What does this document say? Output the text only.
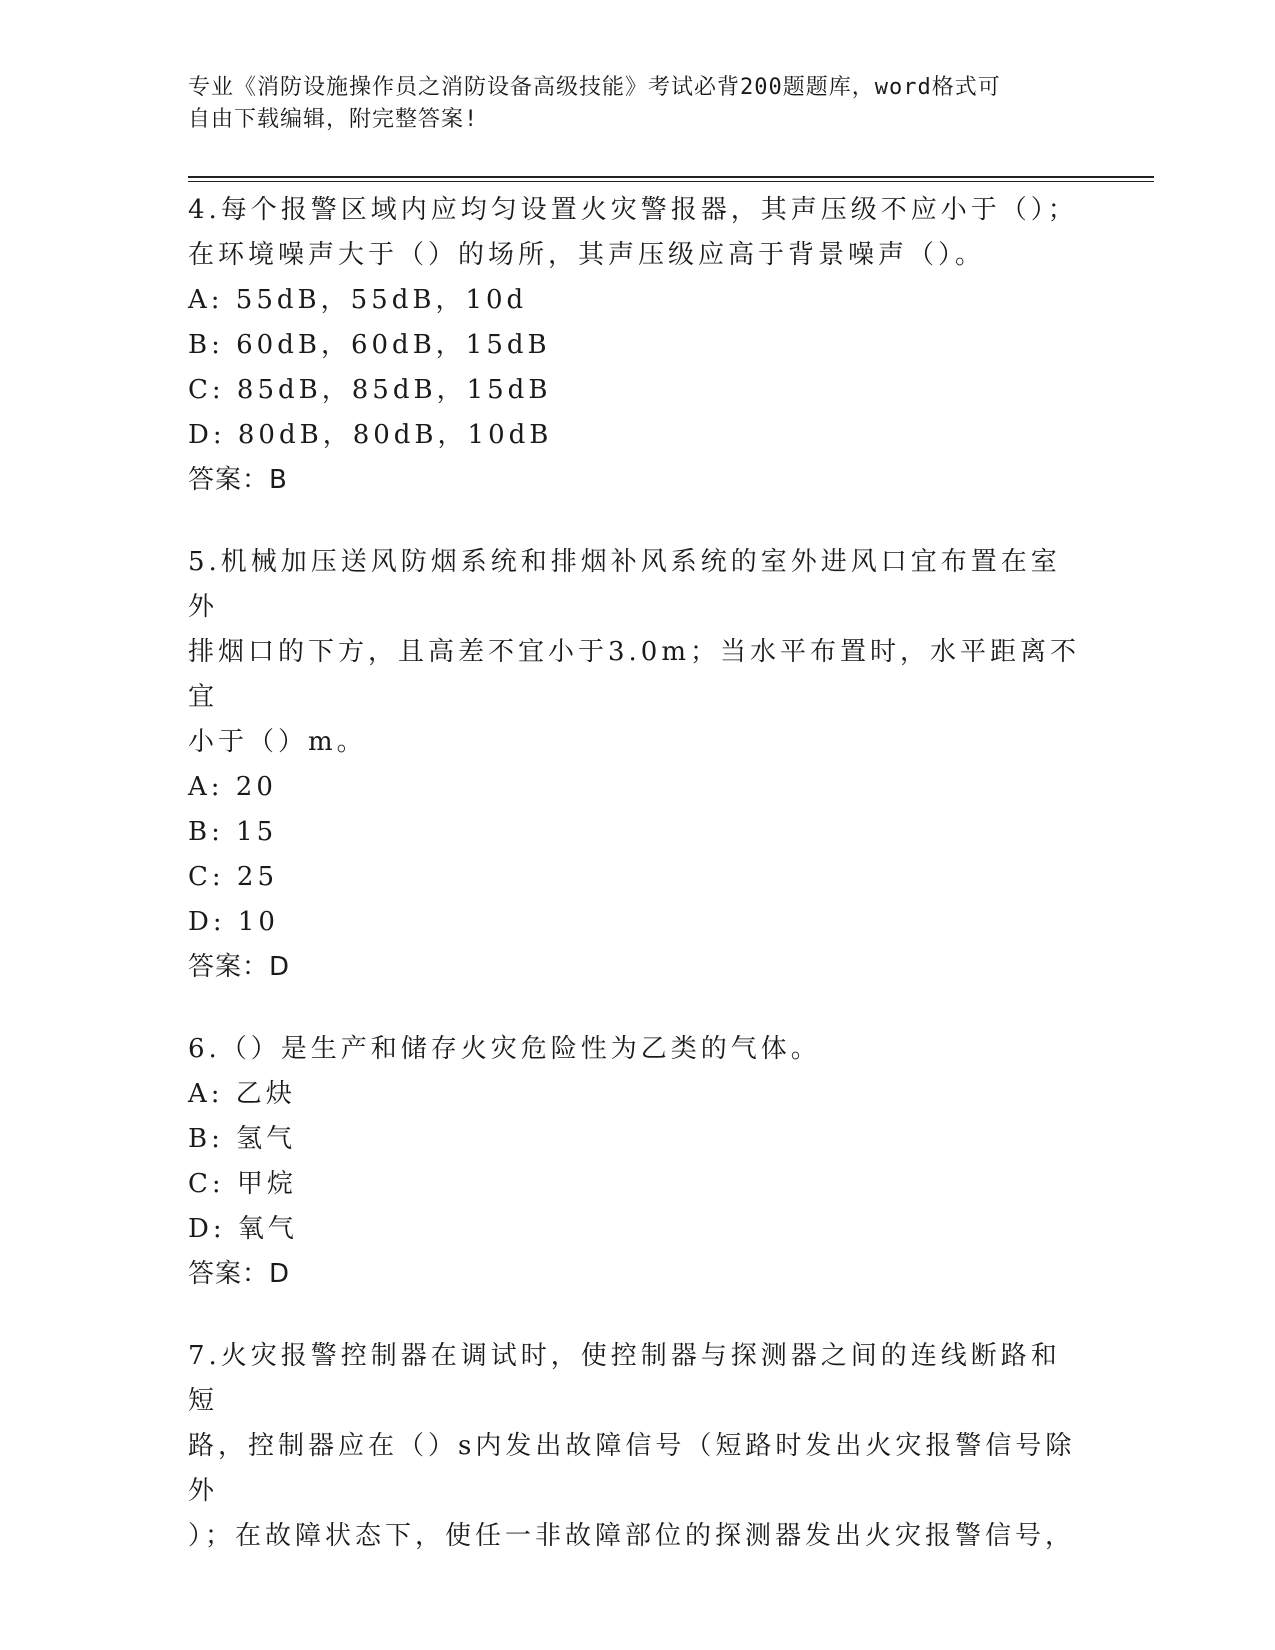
专业《消防设施操作员之消防设备高级技能》考试必背200题题库，word格式可
自由下载编辑，附完整答案!
4.每个报警区域内应均匀设置火灾警报器，其声压级不应小于（）；
在环境噪声大于（）的场所，其声压级应高于背景噪声（）。
A: 55dB，55dB，10d
B: 60dB，60dB，15dB
C: 85dB，85dB，15dB
D: 80dB，80dB，10dB
答案：B
5.机械加压送风防烟系统和排烟补风系统的室外进风口宜布置在室外
排烟口的下方，且高差不宜小于3.0m；当水平布置时，水平距离不宜
小于（）m。
A: 20
B: 15
C: 25
D: 10
答案：D
6.（）是生产和储存火灾危险性为乙类的气体。
A: 乙炔
B: 氢气
C: 甲烷
D: 氧气
答案：D
7.火灾报警控制器在调试时，使控制器与探测器之间的连线断路和短
路，控制器应在（）s内发出故障信号（短路时发出火灾报警信号除外
）；在故障状态下，使任一非故障部位的探测器发出火灾报警信号，
